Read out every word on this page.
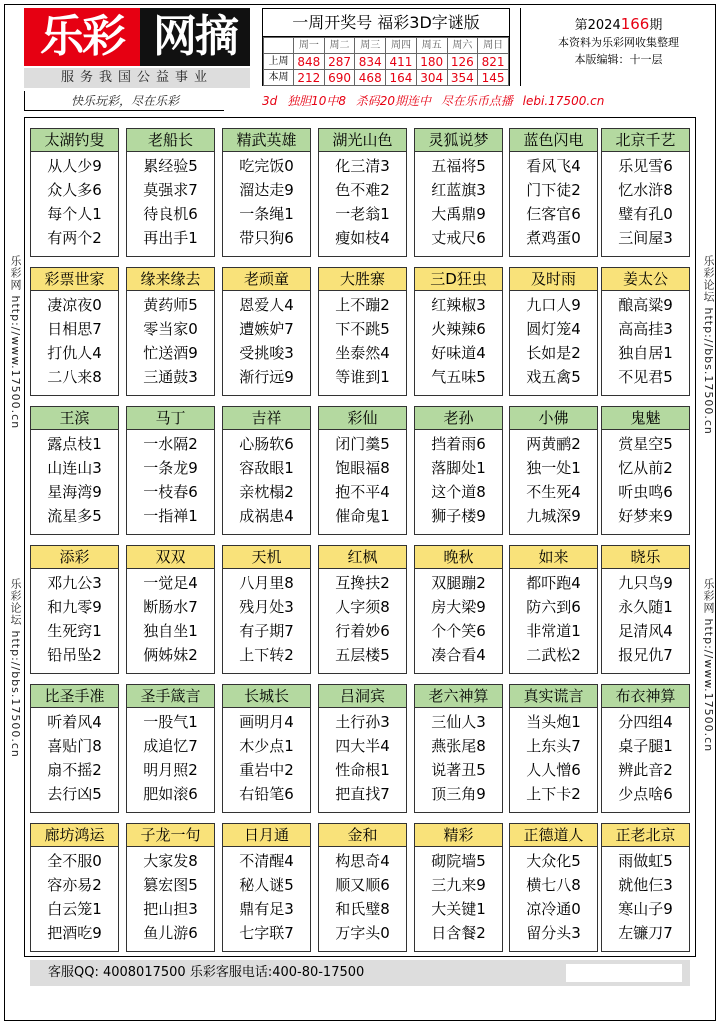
乐彩 网摘
服务我国公益事业
一周开奖号 福彩3D字谜版
	周一	周二	周三	周四	周五	周六	周日
上周	848	287	834	411	180	126	821
本周	212	690	468	164	304	354	145
第2024166期
本资料为乐彩网收集整理
本版编辑：十一层
快乐玩彩，尽在乐彩	3d 独胆10中8 杀码20期连中 尽在乐币点播 lebi.17500.cn
乐彩网 http://www.17500.cn
乐彩论坛 http://bbs.17500.cn
乐彩论坛 http://bbs.17500.cn
乐彩网 http://www.17500.cn
太湖钓叟
从人少9
众人多6
每个人1
有两个2
老船长
累经验5
莫强求7
待良机6
再出手1
精武英雄
吃完饭0
溜达走9
一条绳1
带只狗6
湖光山色
化三清3
色不难2
一老翁1
瘦如枝4
灵狐说梦
五福将5
红蓝旗3
大禹鼎9
丈戒尺6
蓝色闪电
看风飞4
门下徒2
仨客官6
煮鸡蛋0
北京千艺
乐见雪6
忆水浒8
璧有孔0
三间屋3
彩票世家
凄凉夜0
日相思7
打仇人4
二八来8
缘来缘去
黄药师5
零当家0
忙送酒9
三通鼓3
老顽童
恩爱人4
遭嫉妒7
受挑唆3
渐行远9
大胜寨
上不蹦2
下不跳5
坐泰然4
等谁到1
三D狂虫
红辣椒3
火辣辣6
好味道4
气五味5
及时雨
九口人9
圆灯笼4
长如是2
戏五禽5
姜太公
酿高粱9
高高挂3
独自居1
不见君5
王滨
露点枝1
山连山3
星海湾9
流星多5
马丁
一水隔2
一条龙9
一枝春6
一指禅1
吉祥
心肠软6
容敌眼1
亲枕榻2
成祸患4
彩仙
闭门羹5
饱眼福8
抱不平4
催命鬼1
老孙
挡着雨6
落脚处1
这个道8
狮子楼9
小佛
两黄鹂2
独一处1
不生死4
九城深9
鬼魅
赏星空5
忆从前2
听虫鸣6
好梦来9
添彩
邓九公3
和九零9
生死窍1
铅吊坠2
双双
一觉足4
断肠水7
独自坐1
俩姊妹2
天机
八月里8
残月处3
有子期7
上下转2
红枫
互搀扶2
人字须8
行着妙6
五层楼5
晚秋
双腿蹦2
房大梁9
个个笑6
凑合看4
如来
都吓跑4
防六到6
非常道1
二武松2
晓乐
九只鸟9
永久随1
足清风4
报兄仇7
比圣手准
听着风4
喜贴门8
扇不摇2
去行凶5
圣手箴言
一股气1
成追忆7
明月照2
肥如滚6
长城长
画明月4
木少点1
重岩中2
右铅笔6
吕洞宾
土行孙3
四大半4
性命根1
把直找7
老六神算
三仙人3
燕张尾8
说著丑5
顶三角9
真实谎言
当头炮1
上东头7
人人憎6
上下卡2
布衣神算
分四组4
桌子腿1
辨此音2
少点啥6
廊坊鸿运
全不服0
容亦易2
白云笼1
把酒吃9
子龙一句
大家发8
篡宏图5
把山担3
鱼儿游6
日月通
不清醒4
秘人谜5
鼎有足3
七字联7
金和
构思奇4
顺又顺6
和氏璧8
万字头0
精彩
砌院墙5
三九来9
大关键1
日含餐2
正德道人
大众化5
横七八8
凉冷通0
留分头3
正老北京
雨做虹5
就他仨3
寒山子9
左镰刀7
客服QQ: 4008017500 乐彩客服电话:400-80-17500
